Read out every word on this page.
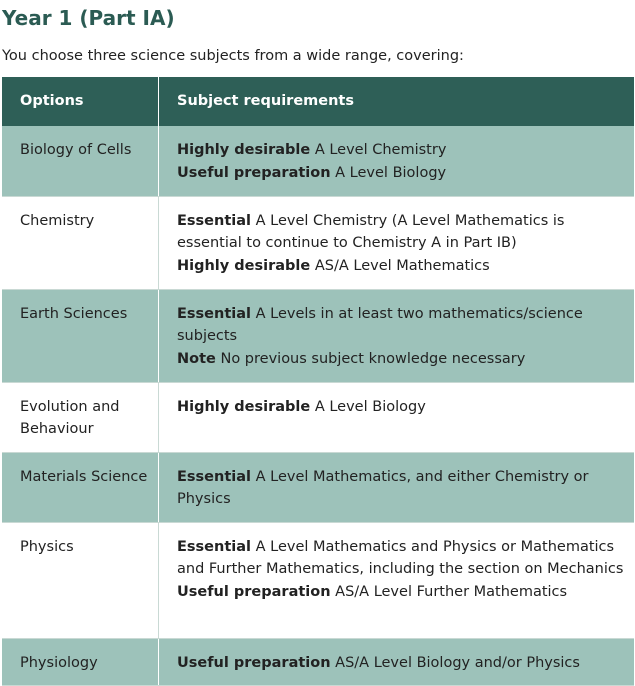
Year 1 (Part IA)

You choose three science subjects from a wide range, covering:

Options	Subject requirements
Biology of Cells	Highly desirable A Level Chemistry
Useful preparation A Level Biology

Chemistry	Essential A Level Chemistry (A Level Mathematics is essential to continue to Chemistry A in Part IB)
Highly desirable AS/A Level Mathematics

Earth Sciences	Essential A Levels in at least two mathematics/science subjects
Note No previous subject knowledge necessary

Evolution and Behaviour	Highly desirable A Level Biology

Materials Science	Essential A Level Mathematics, and either Chemistry or Physics

Physics	Essential A Level Mathematics and Physics or Mathematics and Further Mathematics, including the section on Mechanics
Useful preparation AS/A Level Further Mathematics

Physiology	Useful preparation AS/A Level Biology and/or Physics
